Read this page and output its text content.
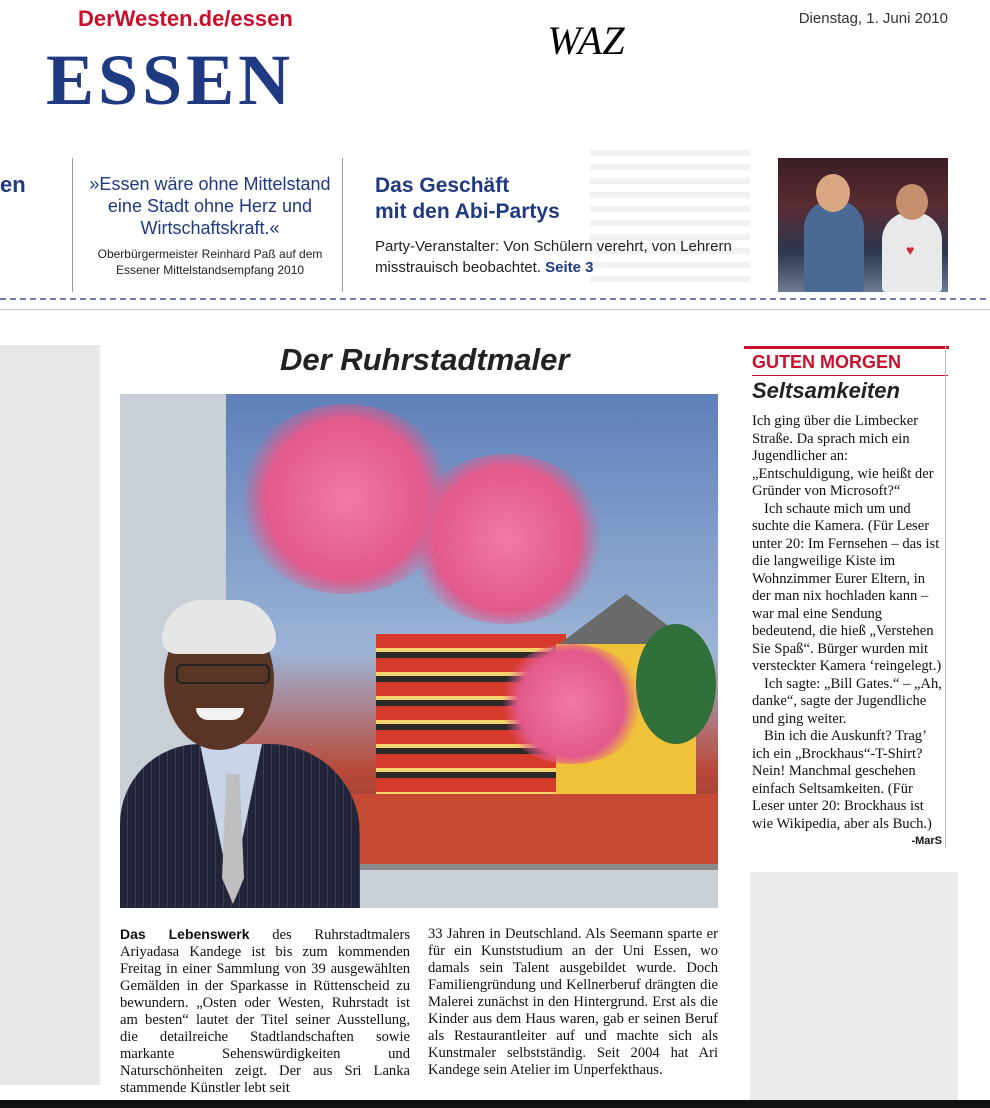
DerWesten.de/essen
ESSEN	WAZ	Dienstag, 1. Juni 2010
en	»Essen wäre ohne Mittelstand eine Stadt ohne Herz und Wirtschaftskraft.«
Oberbürgermeister Reinhard Paß auf dem Essener Mittelstandsempfang 2010
Das Geschäft
mit den Abi-Partys
Party-Veranstalter: Von Schülern verehrt, von Lehrern misstrauisch beobachtet. Seite 3
♥
Der Ruhrstadtmaler
Das Lebenswerk des Ruhrstadtmalers Ariyadasa Kandege ist bis zum kommenden Freitag in einer Sammlung von 39 ausgewählten Gemälden in der Sparkasse in Rüttenscheid zu bewundern. „Osten oder Westen, Ruhrstadt ist am besten“ lautet der Titel seiner Ausstellung, die detailreiche Stadtlandschaften sowie markante Sehenswürdigkeiten und Naturschönheiten zeigt. Der aus Sri Lanka stammende Künstler lebt seit
33 Jahren in Deutschland. Als Seemann sparte er für ein Kunststudium an der Uni Essen, wo damals sein Talent ausgebildet wurde. Doch Familiengründung und Kellnerberuf drängten die Malerei zunächst in den Hintergrund. Erst als die Kinder aus dem Haus waren, gab er seinen Beruf als Restaurantleiter auf und machte sich als Kunstmaler selbstständig. Seit 2004 hat Ari Kandege sein Atelier im Unperfekthaus.
GUTEN MORGEN
Seltsamkeiten

Ich ging über die Limbecker Straße. Da sprach mich ein Jugendlicher an: „Entschuldigung, wie heißt der Gründer von Microsoft?“

Ich schaute mich um und suchte die Kamera. (Für Leser unter 20: Im Fernsehen – das ist die langweilige Kiste im Wohnzimmer Eurer Eltern, in der man nix hochladen kann – war mal eine Sendung bedeutend, die hieß „Verstehen Sie Spaß“. Bürger wurden mit versteckter Kamera ‘reingelegt.)

Ich sagte: „Bill Gates.“ – „Ah, danke“, sagte der Jugendliche und ging weiter.

Bin ich die Auskunft? Trag’ ich ein „Brockhaus“-T-Shirt? Nein! Manchmal geschehen einfach Seltsamkeiten. (Für Leser unter 20: Brockhaus ist wie Wikipedia, aber als Buch.)
-MarS
